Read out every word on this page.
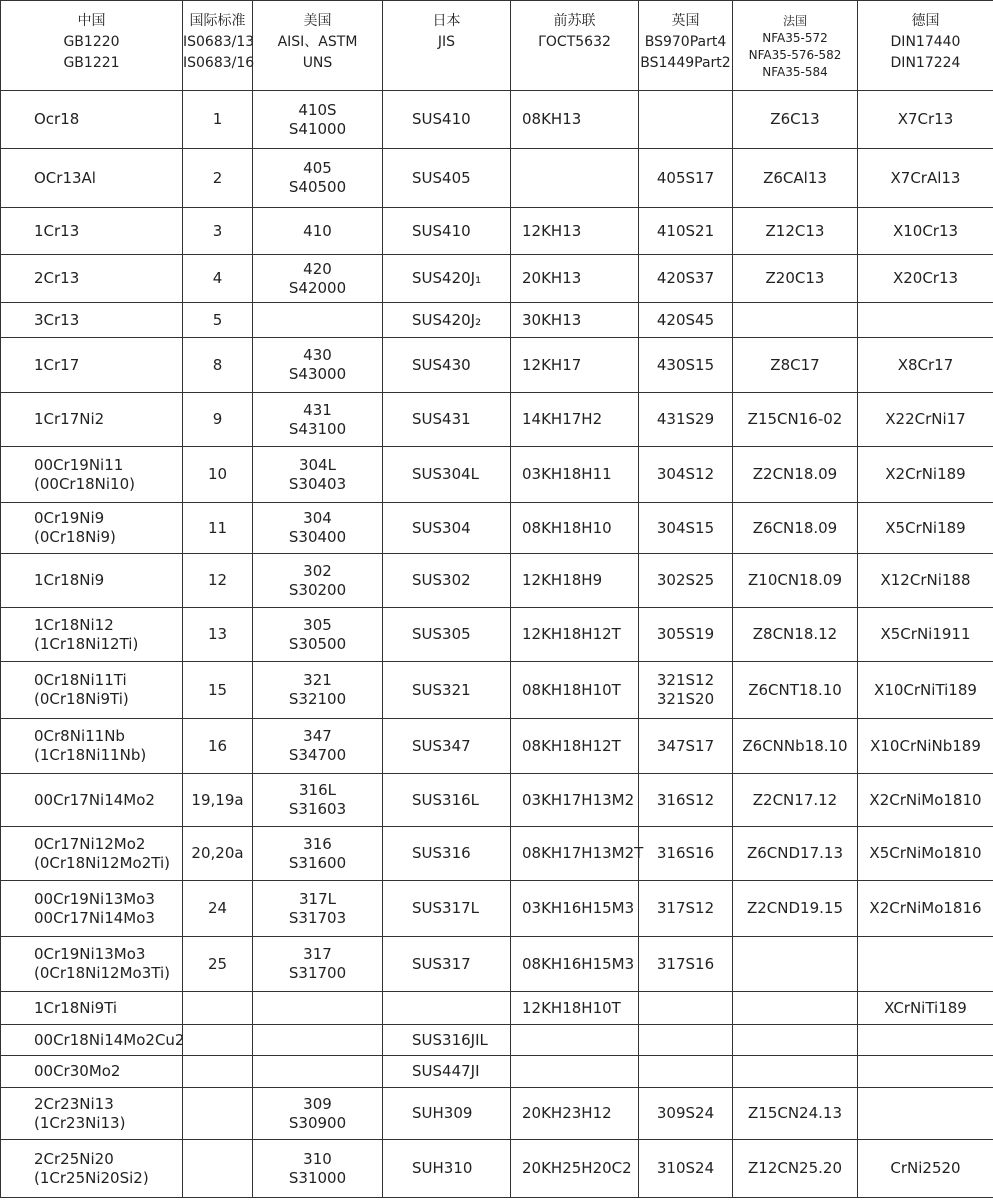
中国
GB1220
GB1221	国际标准
IS0683/13
IS0683/16	美国
AISI、ASTM
UNS	日本
JIS	前苏联
ΓOCT5632	英国
BS970Part4
BS1449Part2	法国
NFA35-572
NFA35-576-582
NFA35-584	德国
DIN17440
DIN17224
Ocr18	1	410S
S41000	SUS410	08KH13		Z6C13	X7Cr13
OCr13Al	2	405
S40500	SUS405		405S17	Z6CAl13	X7CrAl13
1Cr13	3	410	SUS410	12KH13	410S21	Z12C13	X10Cr13
2Cr13	4	420
S42000	SUS420J₁	20KH13	420S37	Z20C13	X20Cr13
3Cr13	5		SUS420J₂	30KH13	420S45		
1Cr17	8	430
S43000	SUS430	12KH17	430S15	Z8C17	X8Cr17
1Cr17Ni2	9	431
S43100	SUS431	14KH17H2	431S29	Z15CN16-02	X22CrNi17
00Cr19Ni11
(00Cr18Ni10)	10	304L
S30403	SUS304L	03KH18H11	304S12	Z2CN18.09	X2CrNi189
0Cr19Ni9
(0Cr18Ni9)	11	304
S30400	SUS304	08KH18H10	304S15	Z6CN18.09	X5CrNi189
1Cr18Ni9	12	302
S30200	SUS302	12KH18H9	302S25	Z10CN18.09	X12CrNi188
1Cr18Ni12
(1Cr18Ni12Ti)	13	305
S30500	SUS305	12KH18H12T	305S19	Z8CN18.12	X5CrNi1911
0Cr18Ni11Ti
(0Cr18Ni9Ti)	15	321
S32100	SUS321	08KH18H10T	321S12
321S20	Z6CNT18.10	X10CrNiTi189
0Cr8Ni11Nb
(1Cr18Ni11Nb)	16	347
S34700	SUS347	08KH18H12T	347S17	Z6CNNb18.10	X10CrNiNb189
00Cr17Ni14Mo2	19,19a	316L
S31603	SUS316L	03KH17H13M2	316S12	Z2CN17.12	X2CrNiMo1810
0Cr17Ni12Mo2
(0Cr18Ni12Mo2Ti)	20,20a	316
S31600	SUS316	08KH17H13M2T	316S16	Z6CND17.13	X5CrNiMo1810
00Cr19Ni13Mo3
00Cr17Ni14Mo3	24	317L
S31703	SUS317L	03KH16H15M3	317S12	Z2CND19.15	X2CrNiMo1816
0Cr19Ni13Mo3
(0Cr18Ni12Mo3Ti)	25	317
S31700	SUS317	08KH16H15M3	317S16		
1Cr18Ni9Ti				12KH18H10T			XCrNiTi189
00Cr18Ni14Mo2Cu2			SUS316JIL				
00Cr30Mo2			SUS447JI				
2Cr23Ni13
(1Cr23Ni13)		309
S30900	SUH309	20KH23H12	309S24	Z15CN24.13	
2Cr25Ni20
(1Cr25Ni20Si2)		310
S31000	SUH310	20KH25H20C2	310S24	Z12CN25.20	CrNi2520
